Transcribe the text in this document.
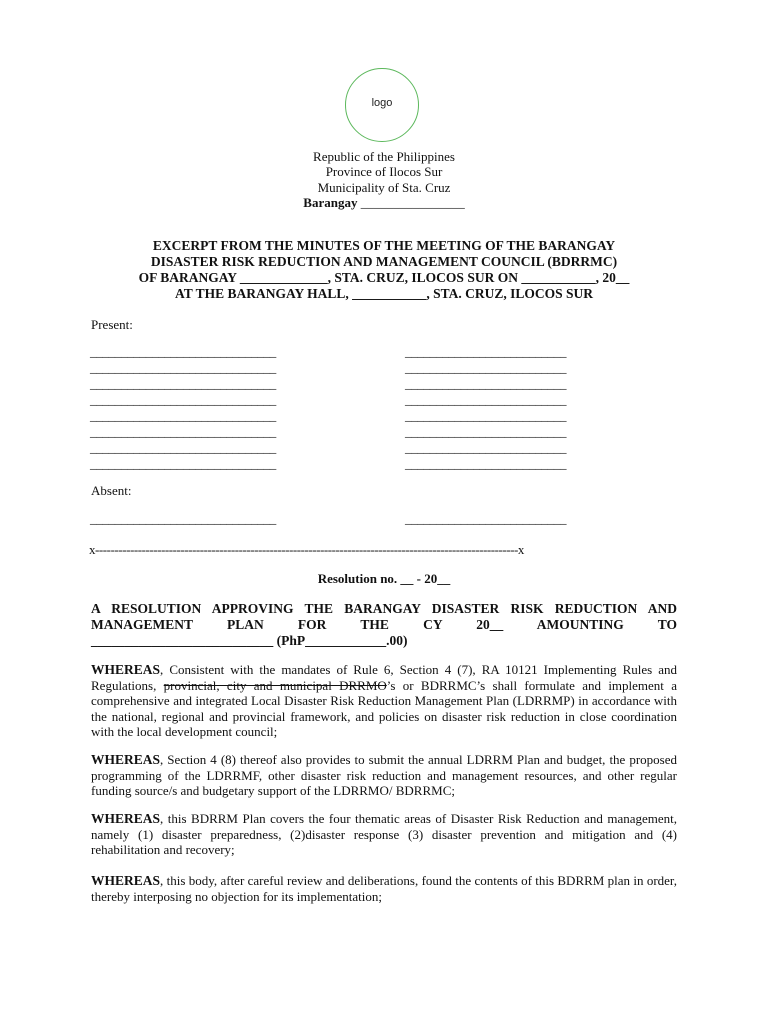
logo
Republic of the Philippines
Province of Ilocos Sur
Municipality of Sta. Cruz
Barangay ________________
EXCERPT FROM THE MINUTES OF THE MEETING OF THE BARANGAY
DISASTER RISK REDUCTION AND MANAGEMENT COUNCIL (BDRRMC)
OF BARANGAY _____________, STA. CRUZ, ILOCOS SUR ON ___________, 20__
AT THE BARANGAY HALL, ___________, STA. CRUZ, ILOCOS SUR
Present:
______________________________
______________________________
______________________________
______________________________
______________________________
______________________________
______________________________
______________________________
__________________________
__________________________
__________________________
__________________________
__________________________
__________________________
__________________________
__________________________
Absent:
______________________________	__________________________
x-------------------------------------------------------------------------------------------------------------x
Resolution no. __ - 20__
A RESOLUTION APPROVING THE BARANGAY DISASTER RISK REDUCTION AND
MANAGEMENT PLAN FOR THE CY 20__ AMOUNTING TO
___________________________ (PhP____________.00)
WHEREAS, Consistent with the mandates of Rule 6, Section 4 (7), RA 10121 Implementing Rules and Regulations, provincial, city and municipal DRRMO’s or BDRRMC’s shall formulate and implement a comprehensive and integrated Local Disaster Risk Reduction Management Plan (LDRRMP) in accordance with the national, regional and provincial framework, and policies on disaster risk reduction in close coordination with the local development council;
WHEREAS, Section 4 (8) thereof also provides to submit the annual LDRRM Plan and budget, the proposed programming of the LDRRMF, other disaster risk reduction and management resources, and other regular funding source/s and budgetary support of the LDRRMO/ BDRRMC;
WHEREAS, this BDRRM Plan covers the four thematic areas of Disaster Risk Reduction and management, namely (1) disaster preparedness, (2)disaster response (3) disaster prevention and mitigation and (4) rehabilitation and recovery;
WHEREAS, this body, after careful review and deliberations, found the contents of this BDRRM plan in order, thereby interposing no objection for its implementation;
